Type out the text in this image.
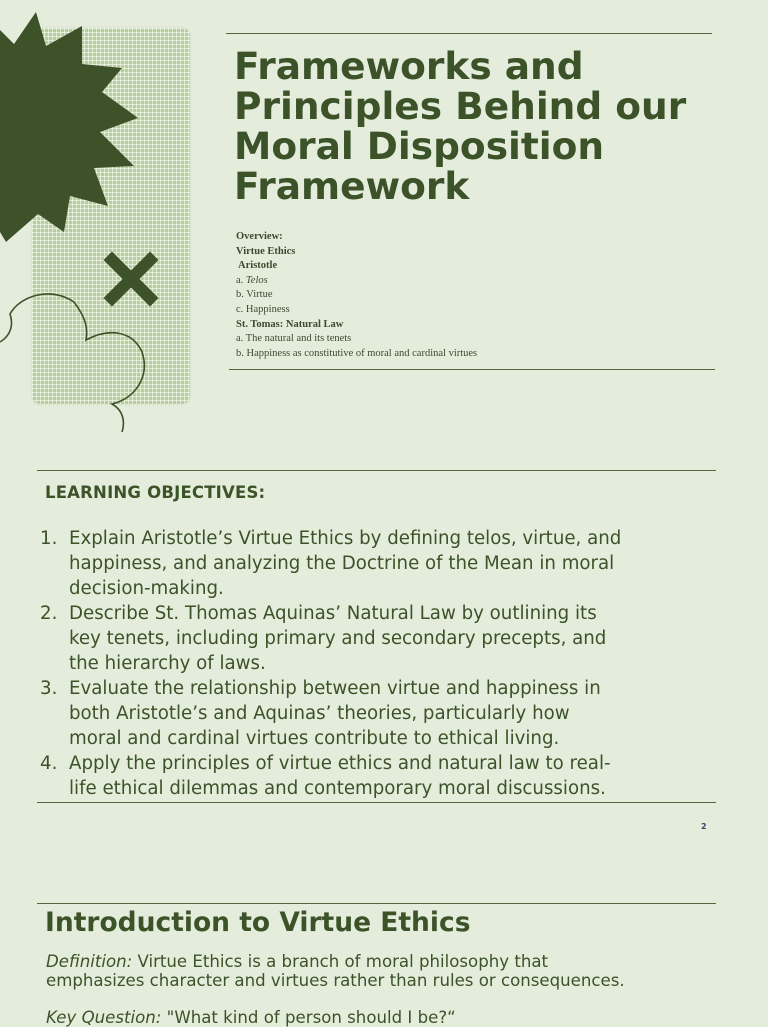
Frameworks and Principles Behind our Moral Disposition Framework
Overview:
Virtue Ethics
Aristotle
a. Telos
b. Virtue
c. Happiness
St. Tomas: Natural Law
a. The natural and its tenets
b. Happiness as constitutive of moral and cardinal virtues
LEARNING OBJECTIVES:
1. Explain Aristotle’s Virtue Ethics by defining telos, virtue, and
happiness, and analyzing the Doctrine of the Mean in moral
decision-making.
2. Describe St. Thomas Aquinas’ Natural Law by outlining its
key tenets, including primary and secondary precepts, and
the hierarchy of laws.
3. Evaluate the relationship between virtue and happiness in
both Aristotle’s and Aquinas’ theories, particularly how
moral and cardinal virtues contribute to ethical living.
4. Apply the principles of virtue ethics and natural law to real-
life ethical dilemmas and contemporary moral discussions.
2
Introduction to Virtue Ethics
Definition: Virtue Ethics is a branch of moral philosophy that
emphasizes character and virtues rather than rules or consequences.
Key Question: "What kind of person should I be?“
